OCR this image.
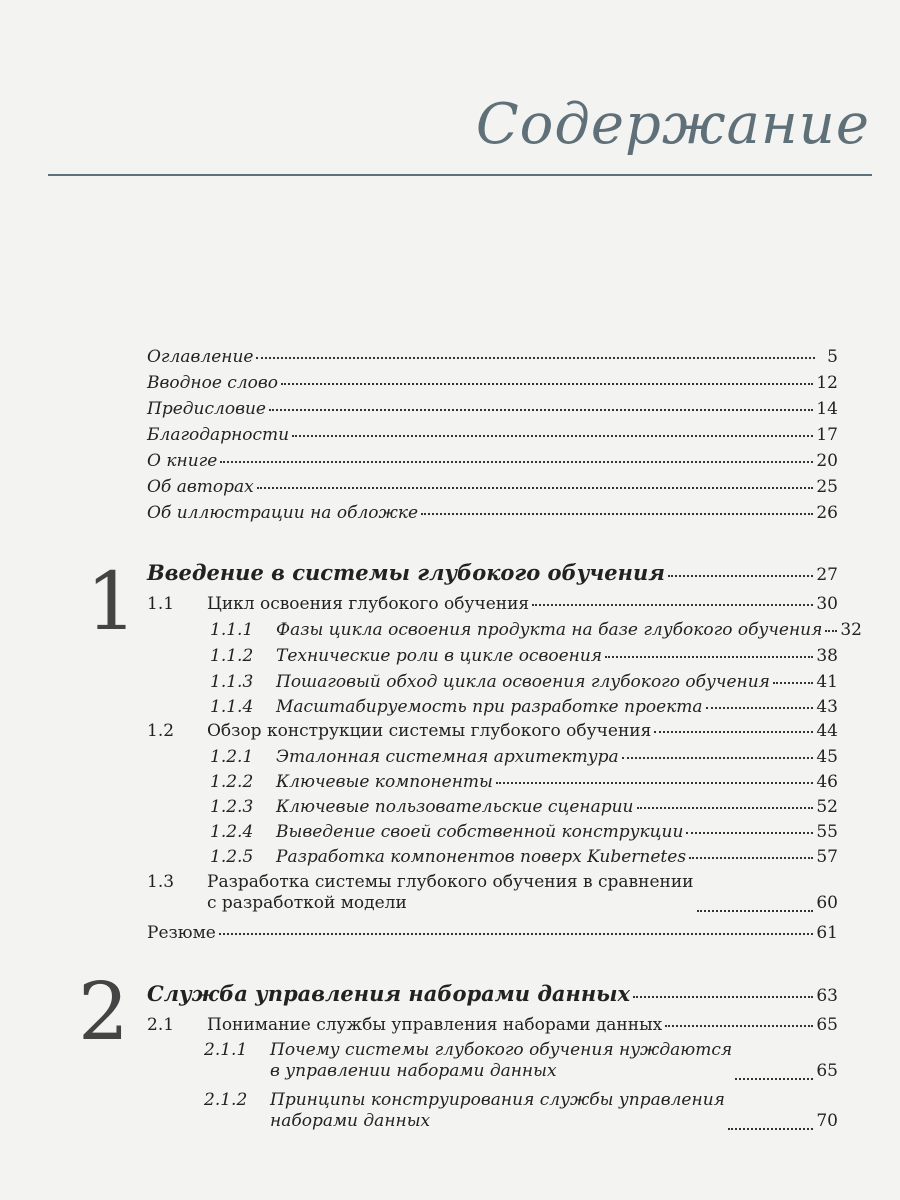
Содержание
Оглавление	5
Вводное слово	12
Предисловие	14
Благодарности	17
О книге	20
Об авторах	25
Об иллюстрации на обложке	26
1 Введение в системы глубокого обучения	27
1.1	Цикл освоения глубокого обучения	30
1.1.1	Фазы цикла освоения продукта на базе глубокого обучения 32
1.1.2	Технические роли в цикле освоения	38
1.1.3	Пошаговый обход цикла освоения глубокого обучения	41
1.1.4	Масштабируемость при разработке проекта	43
1.2	Обзор конструкции системы глубокого обучения	44
1.2.1	Эталонная системная архитектура	45
1.2.2	Ключевые компоненты	46
1.2.3	Ключевые пользовательские сценарии	52
1.2.4	Выведение своей собственной конструкции	55
1.2.5	Разработка компонентов поверх Kubernetes	57
1.3	Разработка системы глубокого обучения в сравнении
с разработкой модели	60
Резюме	61
2 Служба управления наборами данных	63
2.1	Понимание службы управления наборами данных	65
2.1.1	Почему системы глубокого обучения нуждаются
в управлении наборами данных	65
2.1.2	Принципы конструирования службы управления
наборами данных	70
